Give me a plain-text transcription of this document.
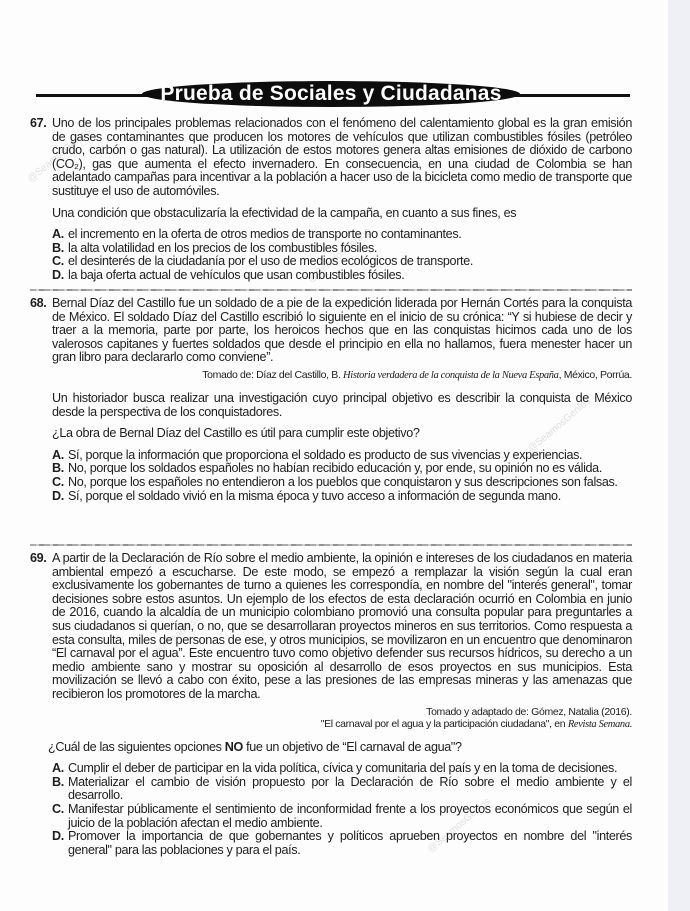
@SeamosGenios
@SeamosGenios
@SeamosGenios
@SeamosGenios
@SeamosGenios
Prueba de Sociales y Ciudadanas
67. Uno de los principales problemas relacionados con el fenómeno del calentamiento global es la gran emisión de gases contaminantes que producen los motores de vehículos que utilizan combustibles fósiles (petróleo crudo, carbón o gas natural). La utilización de estos motores genera altas emisiones de dióxido de carbono (CO₂), gas que aumenta el efecto invernadero. En consecuencia, en una ciudad de Colombia se han adelantado campañas para incentivar a la población a hacer uso de la bicicleta como medio de transporte que sustituye el uso de automóviles.

Una condición que obstaculizaría la efectividad de la campaña, en cuanto a sus fines, es

A. el incremento en la oferta de otros medios de transporte no contaminantes.
B. la alta volatilidad en los precios de los combustibles fósiles.
C. el desinterés de la ciudadanía por el uso de medios ecológicos de transporte.
D. la baja oferta actual de vehículos que usan combustibles fósiles.
68. Bernal Díaz del Castillo fue un soldado de a pie de la expedición liderada por Hernán Cortés para la conquista de México. El soldado Díaz del Castillo escribió lo siguiente en el inicio de su crónica: “Y si hubiese de decir y traer a la memoria, parte por parte, los heroicos hechos que en las conquistas hicimos cada uno de los valerosos capitanes y fuertes soldados que desde el principio en ella no hallamos, fuera menester hacer un gran libro para declararlo como conviene”.

Tomado de: Díaz del Castillo, B. Historia verdadera de la conquista de la Nueva España, México, Porrúa.

Un historiador busca realizar una investigación cuyo principal objetivo es describir la conquista de México desde la perspectiva de los conquistadores.

¿La obra de Bernal Díaz del Castillo es útil para cumplir este objetivo?

A. Sí, porque la información que proporciona el soldado es producto de sus vivencias y experiencias.
B. No, porque los soldados españoles no habían recibido educación y, por ende, su opinión no es válida.
C. No, porque los españoles no entendieron a los pueblos que conquistaron y sus descripciones son falsas.
D. Sí, porque el soldado vivió en la misma época y tuvo acceso a información de segunda mano.
69. A partir de la Declaración de Río sobre el medio ambiente, la opinión e intereses de los ciudadanos en materia ambiental empezó a escucharse. De este modo, se empezó a remplazar la visión según la cual eran exclusivamente los gobernantes de turno a quienes les correspondía, en nombre del "interés general", tomar decisiones sobre estos asuntos. Un ejemplo de los efectos de esta declaración ocurrió en Colombia en junio de 2016, cuando la alcaldía de un municipio colombiano promovió una consulta popular para preguntarles a sus ciudadanos si querían, o no, que se desarrollaran proyectos mineros en sus territorios. Como respuesta a esta consulta, miles de personas de ese, y otros municipios, se movilizaron en un encuentro que denominaron “El carnaval por el agua”. Este encuentro tuvo como objetivo defender sus recursos hídricos, su derecho a un medio ambiente sano y mostrar su oposición al desarrollo de esos proyectos en sus municipios. Esta movilización se llevó a cabo con éxito, pese a las presiones de las empresas mineras y las amenazas que recibieron los promotores de la marcha.

Tomado y adaptado de: Gómez, Natalia (2016).
"El carnaval por el agua y la participación ciudadana", en Revista Semana.

¿Cuál de las siguientes opciones NO fue un objetivo de “El carnaval de agua"?

A. Cumplir el deber de participar en la vida política, cívica y comunitaria del país y en la toma de decisiones.
B. Materializar el cambio de visión propuesto por la Declaración de Río sobre el medio ambiente y el desarrollo.
C. Manifestar públicamente el sentimiento de inconformidad frente a los proyectos económicos que según el juicio de la población afectan el medio ambiente.
D. Promover la importancia de que gobernantes y políticos aprueben proyectos en nombre del "interés general" para las poblaciones y para el país.
